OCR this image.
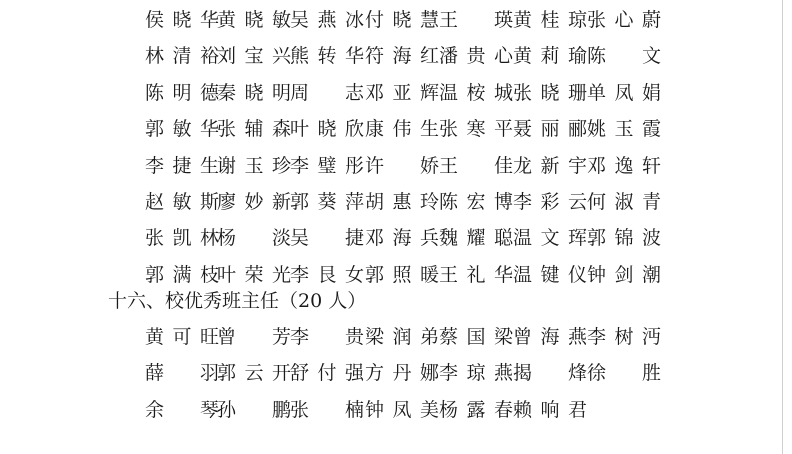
侯晓华
黄晓敏 吴燕冰 付晓慧 王　瑛 黄桂琼 张心蔚
林清裕
刘宝兴 熊转华 符海红 潘贵心 黄莉瑜 陈　文
陈明德
秦晓明 周　志 邓亚辉 温桉城 张晓珊 单凤娟
郭敏华
张辅森 叶晓欣 康伟生 张寒平 聂丽郦 姚玉霞
李捷生
谢玉珍 李璧彤 许　娇 王　佳 龙新宇 邓逸轩
赵敏斯
廖妙新 郭葵萍 胡惠玲 陈宏博 李彩云 何淑青
张凯林
杨　淡 吴　捷 邓海兵 魏耀聪 温文珲 郭锦波
郭满枝
叶荣光 李艮女 郭照暖 王礼华 温键仪 钟剑潮
十六、校优秀班主任（20 人）
黄可旺
曾　芳 李　贵 梁润弟 蔡国梁 曾海燕 李树沔
薛　羽
郭云开 舒付强 方丹娜 李琼燕 揭　烽 徐　胜
余　琴
孙　鹏 张　楠 钟凤美 杨露春 赖响君
